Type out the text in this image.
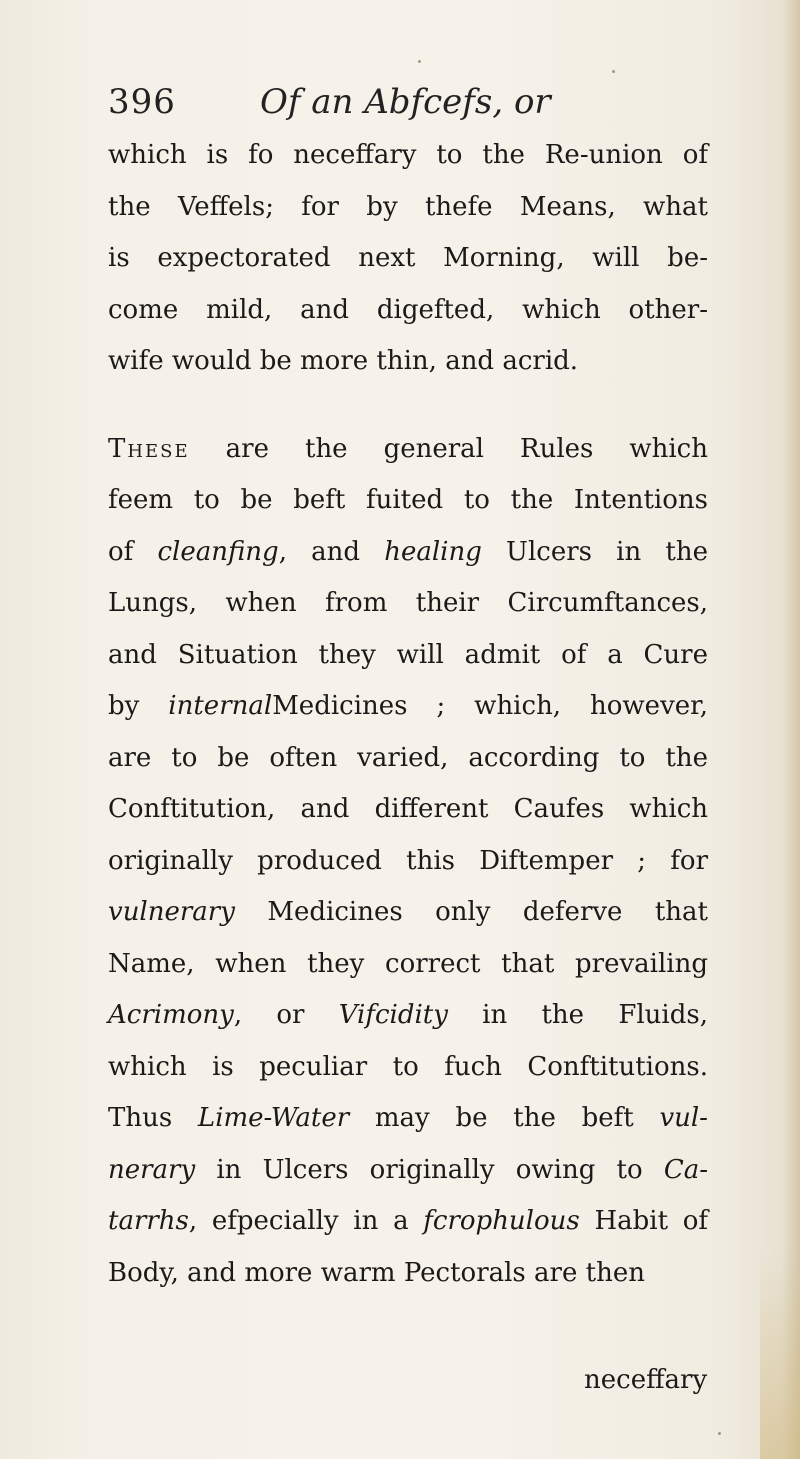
396 Of an Abfcefs, or
which is fo neceffary to the Re-union of
the Veffels; for by thefe Means, what
is expectorated next Morning, will be-
come mild, and digefted, which other-
wife would be more thin, and acrid.
These are the general Rules which
feem to be beft fuited to the Intentions
of cleanfing, and healing Ulcers in the
Lungs, when from their Circumftances,
and Situation they will admit of a Cure
by internalMedicines ; which, however,
are to be often varied, according to the
Conftitution, and different Caufes which
originally produced this Diftemper ; for
vulnerary Medicines only deferve that
Name, when they correct that prevailing
Acrimony, or Vifcidity in the Fluids,
which is peculiar to fuch Conftitutions.
Thus Lime-Water may be the beft vul-
nerary in Ulcers originally owing to Ca-
tarrhs, efpecially in a fcrophulous Habit of
Body, and more warm Pectorals are then
neceffary
